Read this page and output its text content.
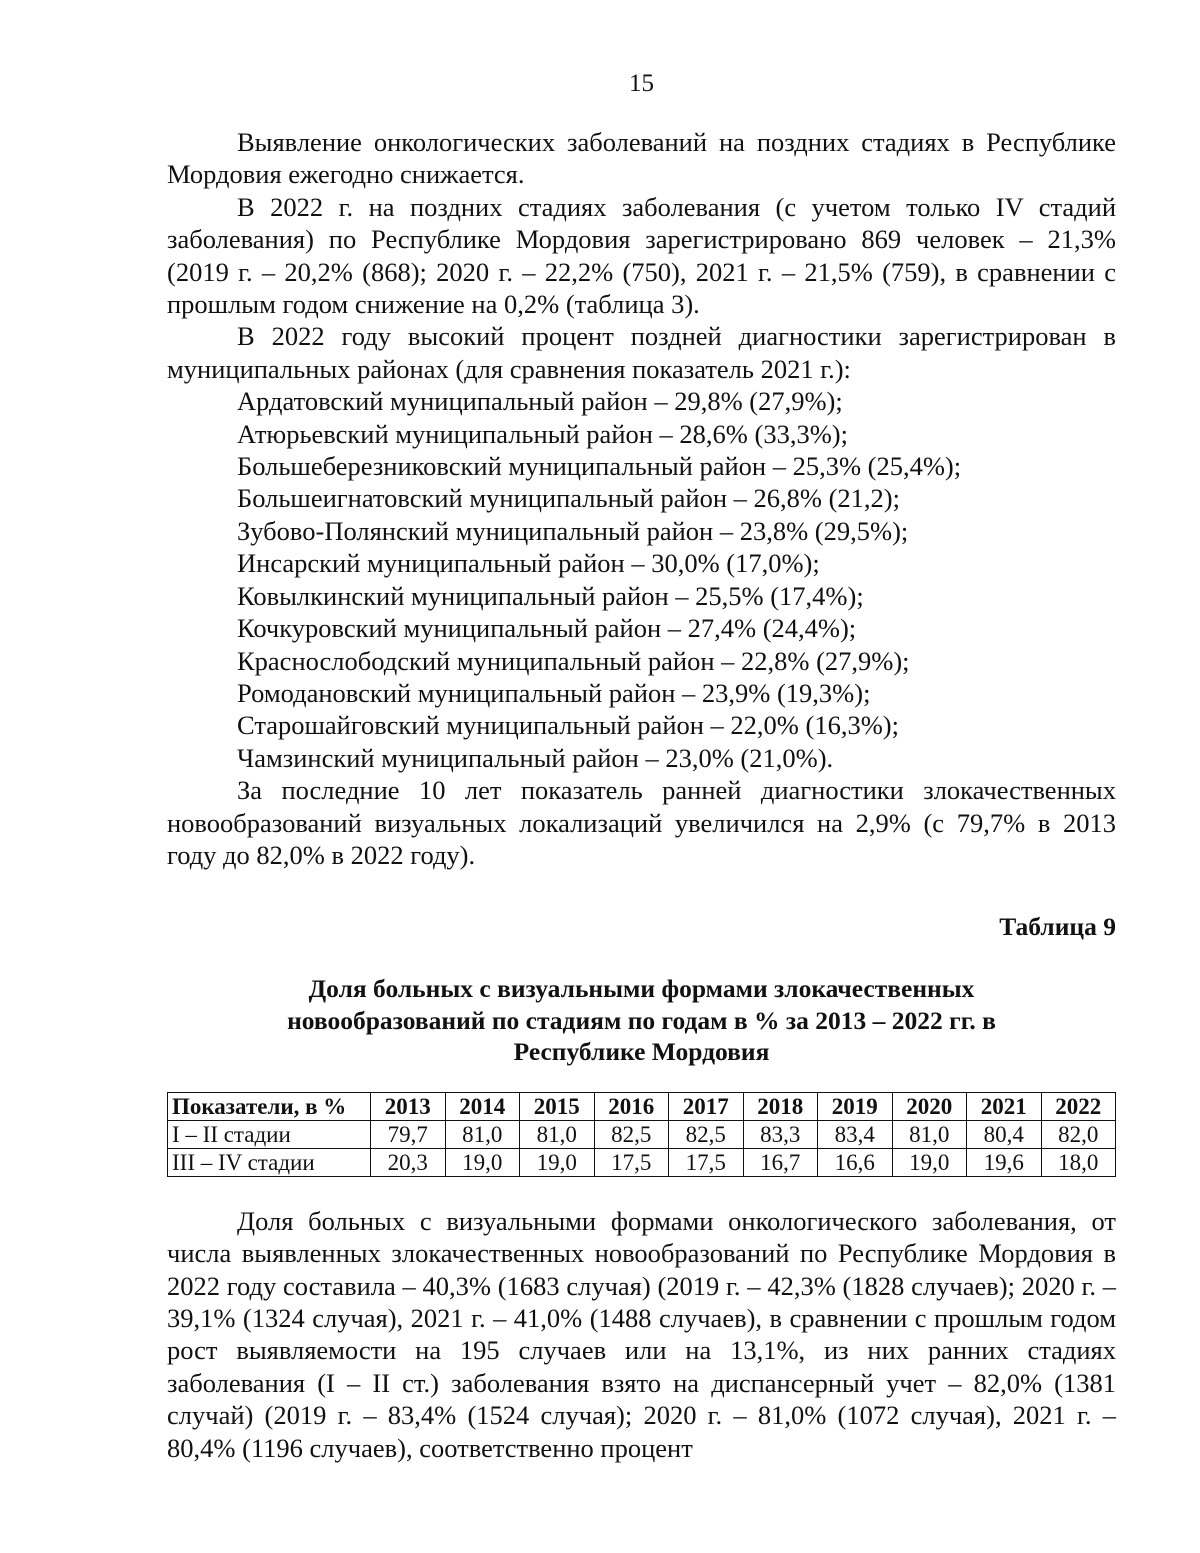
15

Выявление онкологических заболеваний на поздних стадиях в Республике Мордовия ежегодно снижается.

В 2022 г. на поздних стадиях заболевания (с учетом только IV стадий заболевания) по Республике Мордовия зарегистрировано 869 человек – 21,3% (2019 г. – 20,2% (868); 2020 г. – 22,2% (750), 2021 г. – 21,5% (759), в сравнении с прошлым годом снижение на 0,2% (таблица 3).

В 2022 году высокий процент поздней диагностики зарегистрирован в муниципальных районах (для сравнения показатель 2021 г.):

Ардатовский муниципальный район – 29,8% (27,9%);
Атюрьевский муниципальный район – 28,6% (33,3%);
Большеберезниковский муниципальный район – 25,3% (25,4%);
Большеигнатовский муниципальный район – 26,8% (21,2);
Зубово-Полянский муниципальный район – 23,8% (29,5%);
Инсарский муниципальный район – 30,0% (17,0%);
Ковылкинский муниципальный район – 25,5% (17,4%);
Кочкуровский муниципальный район – 27,4% (24,4%);
Краснослободский муниципальный район – 22,8% (27,9%);
Ромодановский муниципальный район – 23,9% (19,3%);
Старошайговский муниципальный район – 22,0% (16,3%);
Чамзинский муниципальный район – 23,0% (21,0%).

За последние 10 лет показатель ранней диагностики злокачественных новообразований визуальных локализаций увеличился на 2,9% (с 79,7% в 2013 году до 82,0% в 2022 году).

Таблица 9
Доля больных с визуальными формами злокачественных новообразований по стадиям по годам в % за 2013 – 2022 гг. в Республике Мордовия
Показатели, в %	2013	2014	2015	2016	2017	2018	2019	2020	2021	2022
I – II стадии	79,7	81,0	81,0	82,5	82,5	83,3	83,4	81,0	80,4	82,0
III – IV стадии	20,3	19,0	19,0	17,5	17,5	16,7	16,6	19,0	19,6	18,0

Доля больных с визуальными формами онкологического заболевания, от числа выявленных злокачественных новообразований по Республике Мордовия в 2022 году составила – 40,3% (1683 случая) (2019 г. – 42,3% (1828 случаев); 2020 г. – 39,1% (1324 случая), 2021 г. – 41,0% (1488 случаев), в сравнении с прошлым годом рост выявляемости на 195 случаев или на 13,1%, из них ранних стадиях заболевания (I – II ст.) заболевания взято на диспансерный учет – 82,0% (1381 случай) (2019 г. – 83,4% (1524 случая); 2020 г. – 81,0% (1072 случая), 2021 г. – 80,4% (1196 случаев), соответственно процент
